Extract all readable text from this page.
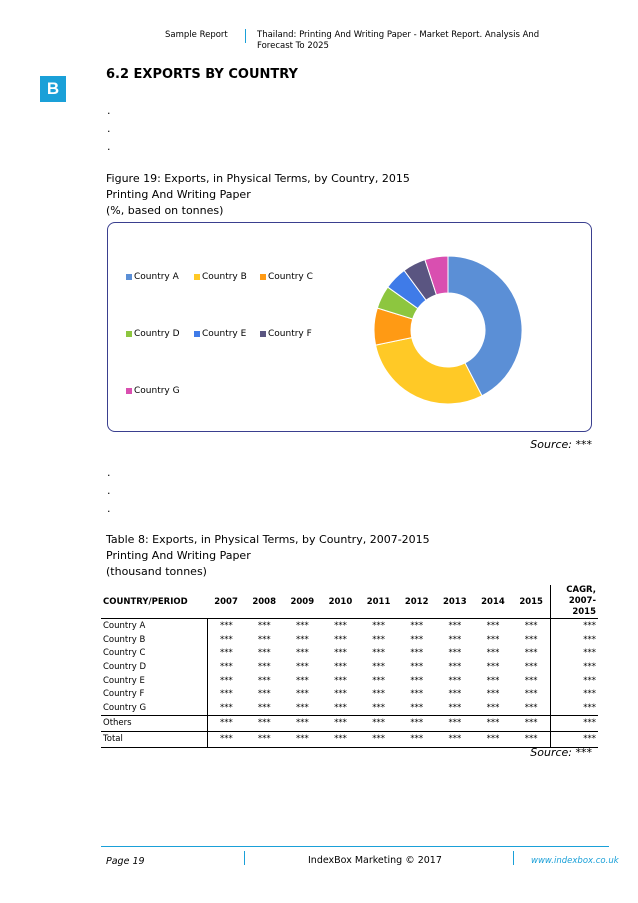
Sample Report	Thailand: Printing And Writing Paper - Market Report. Analysis And
Forecast To 2025
B
6.2 EXPORTS BY COUNTRY
.
.
.
Figure 19: Exports, in Physical Terms, by Country, 2015
Printing And Writing Paper
(%, based on tonnes)
Country A	Country B Country C
Country D Country E Country F
Country G
Source: ***
.
.
.
Table 8: Exports, in Physical Terms, by Country, 2007-2015
Printing And Writing Paper
(thousand tonnes)
COUNTRY/PERIOD	2007	2008	2009	2010	2011	2012	2013	2014	2015	CAGR,
2007-
2015

Country A	***	***	***	***	***	***	***	***	***	***
Country B	***	***	***	***	***	***	***	***	***	***
Country C	***	***	***	***	***	***	***	***	***	***
Country D	***	***	***	***	***	***	***	***	***	***
Country E	***	***	***	***	***	***	***	***	***	***
Country F	***	***	***	***	***	***	***	***	***	***
Country G	***	***	***	***	***	***	***	***	***	***
Others	***	***	***	***	***	***	***	***	***	***
Total	***	***	***	***	***	***	***	***	***	***
Source: ***
Page 19	IndexBox Marketing © 2017	www.indexbox.co.uk
